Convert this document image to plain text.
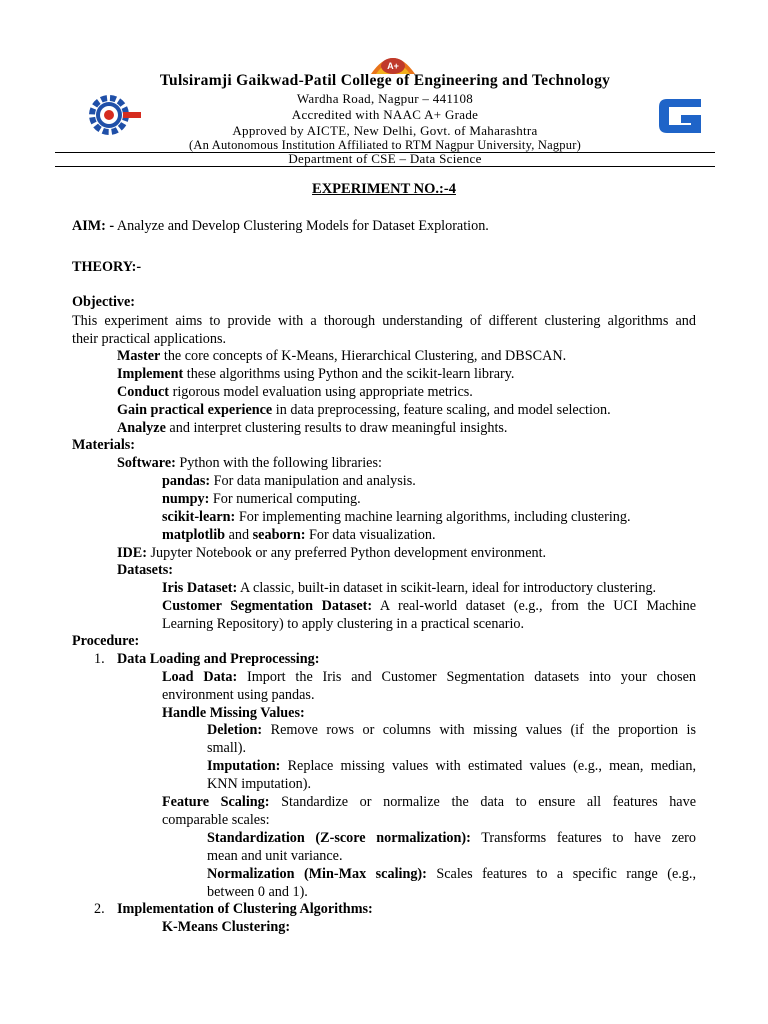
A+
Tulsiramji Gaikwad-Patil College of Engineering and Technology
Wardha Road, Nagpur – 441108
Accredited with NAAC A+ Grade
Approved by AICTE, New Delhi, Govt. of Maharashtra
(An Autonomous Institution Affiliated to RTM Nagpur University, Nagpur)
Department of CSE – Data Science

EXPERIMENT NO.:-4

AIM: - Analyze and Develop Clustering Models for Dataset Exploration.

THEORY:-

Objective:

This experiment aims to provide with a thorough understanding of different clustering algorithms and

their practical applications.

Master the core concepts of K-Means, Hierarchical Clustering, and DBSCAN.

Implement these algorithms using Python and the scikit-learn library.

Conduct rigorous model evaluation using appropriate metrics.

Gain practical experience in data preprocessing, feature scaling, and model selection.

Analyze and interpret clustering results to draw meaningful insights.

Materials:

Software: Python with the following libraries:

pandas: For data manipulation and analysis.

numpy: For numerical computing.

scikit-learn: For implementing machine learning algorithms, including clustering.

matplotlib and seaborn: For data visualization.

IDE: Jupyter Notebook or any preferred Python development environment.

Datasets:

Iris Dataset: A classic, built-in dataset in scikit-learn, ideal for introductory clustering.

Customer Segmentation Dataset: A real-world dataset (e.g., from the UCI Machine

Learning Repository) to apply clustering in a practical scenario.

Procedure:

1. Data Loading and Preprocessing:

Load Data: Import the Iris and Customer Segmentation datasets into your chosen

environment using pandas.

Handle Missing Values:

Deletion: Remove rows or columns with missing values (if the proportion is

small).

Imputation: Replace missing values with estimated values (e.g., mean, median,

KNN imputation).

Feature Scaling: Standardize or normalize the data to ensure all features have

comparable scales:

Standardization (Z-score normalization): Transforms features to have zero

mean and unit variance.

Normalization (Min-Max scaling): Scales features to a specific range (e.g.,

between 0 and 1).

2. Implementation of Clustering Algorithms:

K-Means Clustering:
